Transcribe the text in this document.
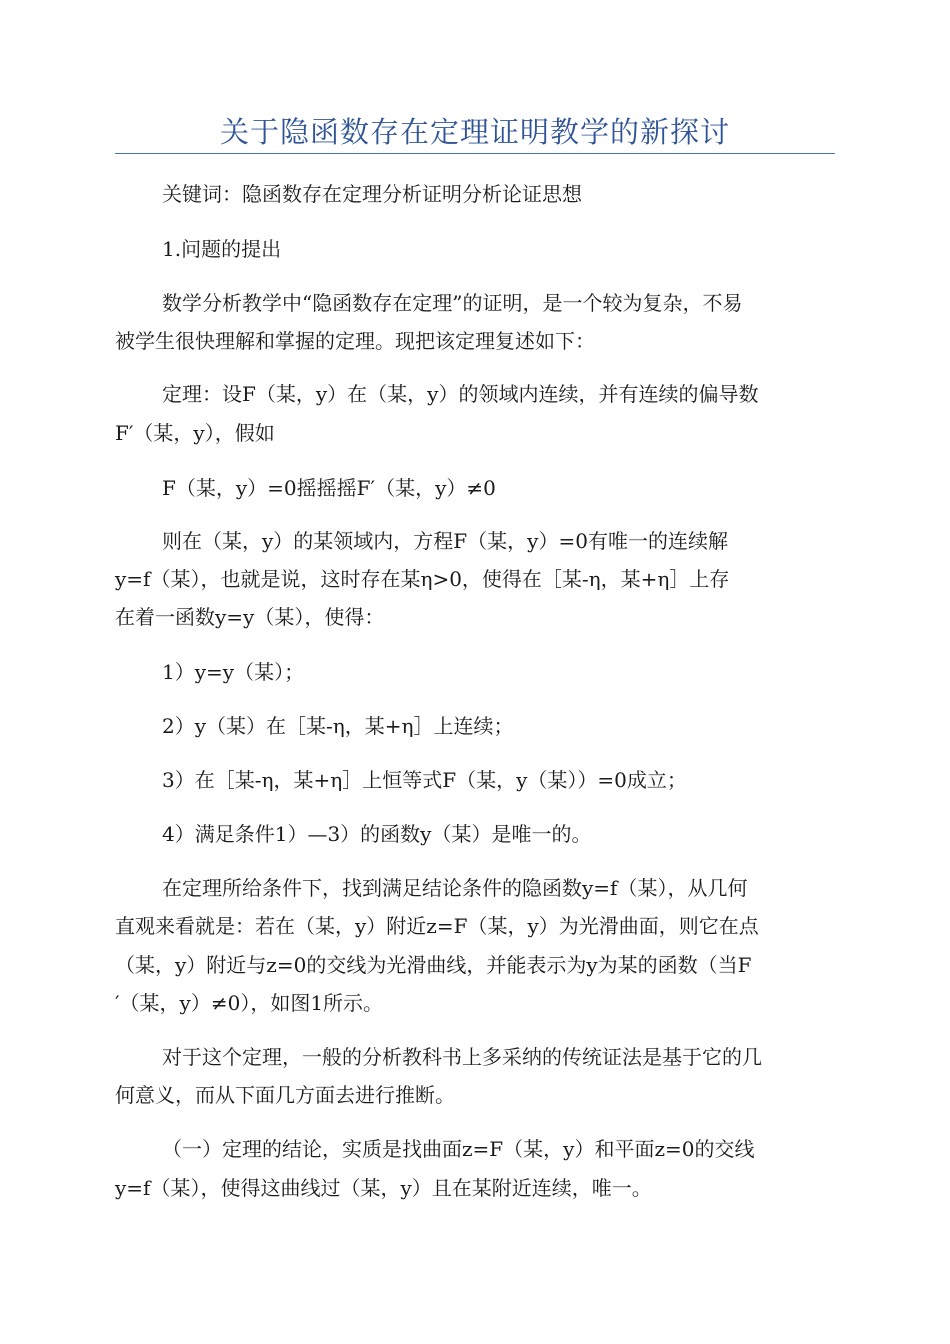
关于隐函数存在定理证明教学的新探讨
关键词：隐函数存在定理分析证明分析论证思想
1.问题的提出
数学分析教学中“隐函数存在定理”的证明，是一个较为复杂，不易
被学生很快理解和掌握的定理。现把该定理复述如下：
定理：设F（某，y）在（某，y）的领域内连续，并有连续的偏导数
F′（某，y），假如
F（某，y）=0摇摇摇F′（某，y）≠0
则在（某，y）的某领域内，方程F（某，y）=0有唯一的连续解
y=f（某），也就是说，这时存在某η>0，使得在［某-η，某+η］上存
在着一函数y=y（某），使得：
1）y=y（某）；
2）y（某）在［某-η，某+η］上连续；
3）在［某-η，某+η］上恒等式F（某，y（某））=0成立；
4）满足条件1）—3）的函数y（某）是唯一的。
在定理所给条件下，找到满足结论条件的隐函数y=f（某），从几何
直观来看就是：若在（某，y）附近z=F（某，y）为光滑曲面，则它在点
（某，y）附近与z=0的交线为光滑曲线，并能表示为y为某的函数（当F
′（某，y）≠0），如图1所示。
对于这个定理，一般的分析教科书上多采纳的传统证法是基于它的几
何意义，而从下面几方面去进行推断。
（一）定理的结论，实质是找曲面z=F（某，y）和平面z=0的交线
y=f（某），使得这曲线过（某，y）且在某附近连续，唯一。
